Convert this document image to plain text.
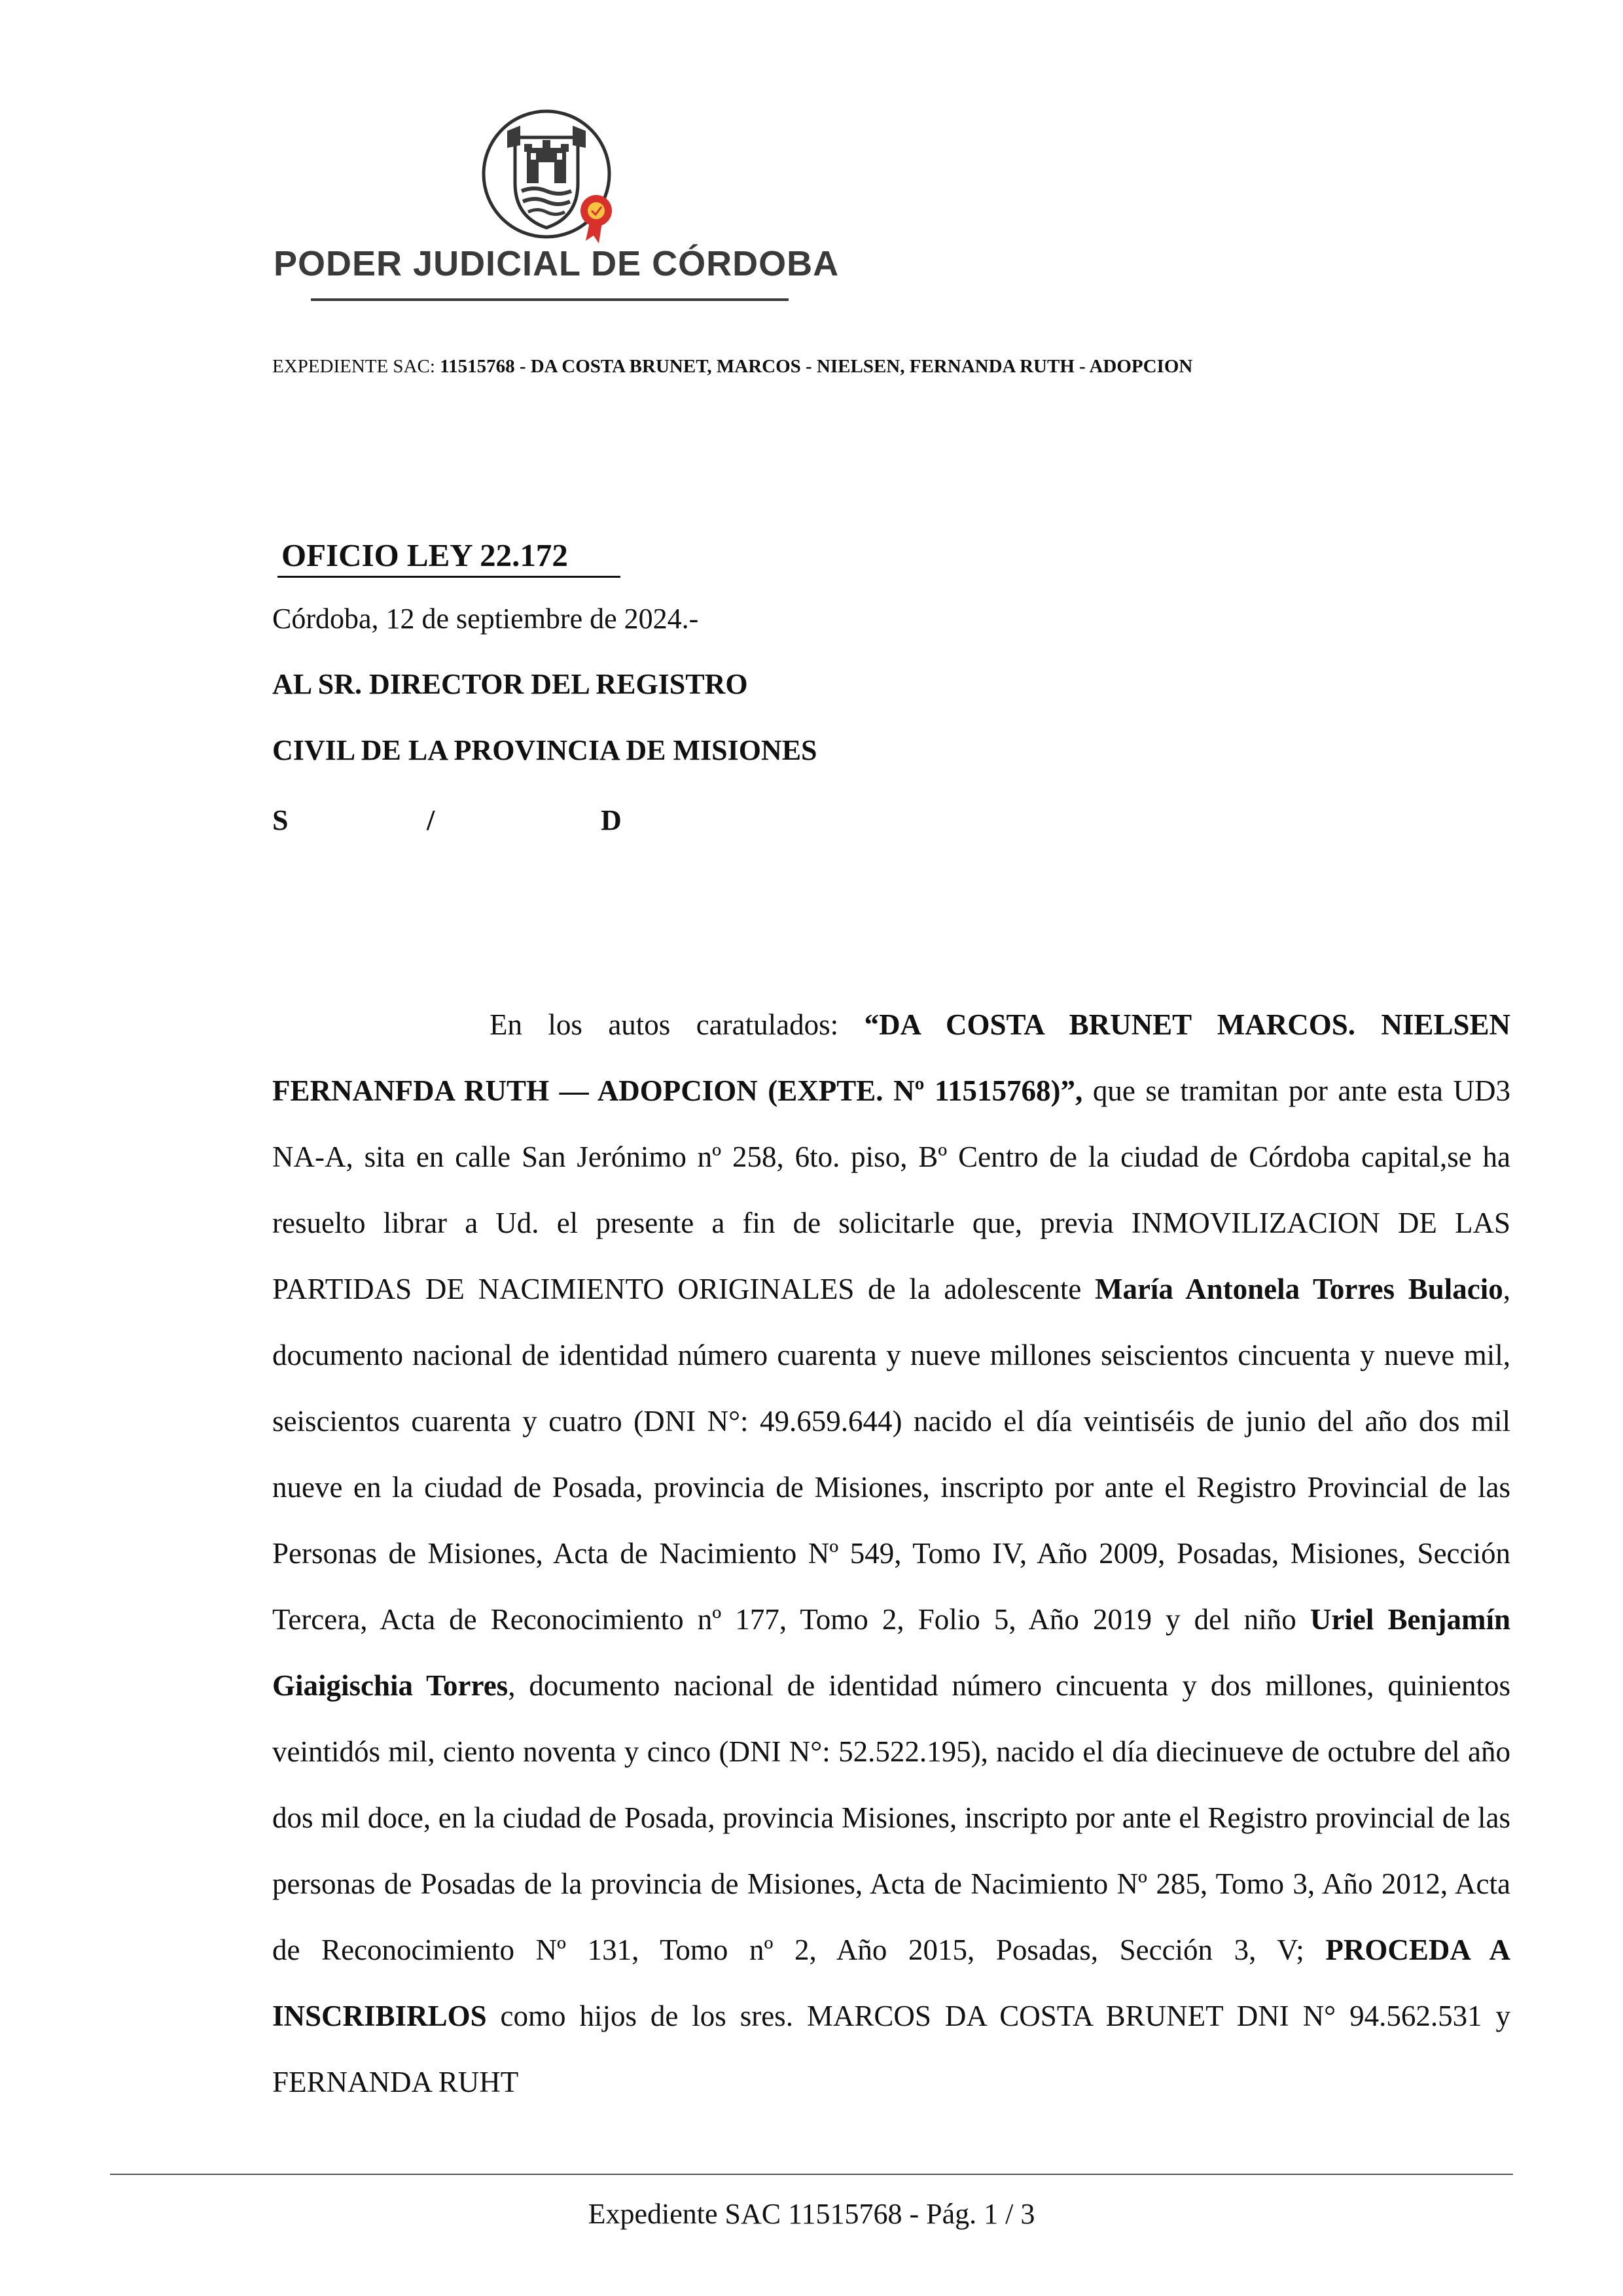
PODER JUDICIAL DE CÓRDOBA
EXPEDIENTE SAC: 11515768 - DA COSTA BRUNET, MARCOS - NIELSEN, FERNANDA RUTH - ADOPCION
OFICIO LEY 22.172
Córdoba, 12 de septiembre de 2024.-
AL SR. DIRECTOR DEL REGISTRO
CIVIL DE LA PROVINCIA DE MISIONES
S	/	D

En los autos caratulados: “DA COSTA BRUNET MARCOS. NIELSEN FERNANFDA RUTH — ADOPCION (EXPTE. Nº 11515768)”, que se tramitan por ante esta UD3 NA-A, sita en calle San Jerónimo nº 258, 6to. piso, Bº Centro de la ciudad de Córdoba capital,se ha resuelto librar a Ud. el presente a fin de solicitarle que, previa INMOVILIZACION DE LAS PARTIDAS DE NACIMIENTO ORIGINALES de la adolescente María Antonela Torres Bulacio, documento nacional de identidad número cuarenta y nueve millones seiscientos cincuenta y nueve mil, seiscientos cuarenta y cuatro (DNI N°: 49.659.644) nacido el día veintiséis de junio del año dos mil nueve en la ciudad de Posada, provincia de Misiones, inscripto por ante el Registro Provincial de las Personas de Misiones, Acta de Nacimiento Nº 549, Tomo IV, Año 2009, Posadas, Misiones, Sección Tercera, Acta de Reconocimiento nº 177, Tomo 2, Folio 5, Año 2019 y del niño Uriel Benjamín Giaigischia Torres, documento nacional de identidad número cincuenta y dos millones, quinientos veintidós mil, ciento noventa y cinco (DNI N°: 52.522.195), nacido el día diecinueve de octubre del año dos mil doce, en la ciudad de Posada, provincia Misiones, inscripto por ante el Registro provincial de las personas de Posadas de la provincia de Misiones, Acta de Nacimiento Nº 285, Tomo 3, Año 2012, Acta de Reconocimiento Nº 131, Tomo nº 2, Año 2015, Posadas, Sección 3, V; PROCEDA A INSCRIBIRLOS como hijos de los sres. MARCOS DA COSTA BRUNET DNI N° 94.562.531 y FERNANDA RUHT

Expediente SAC 11515768 - Pág. 1 / 3
